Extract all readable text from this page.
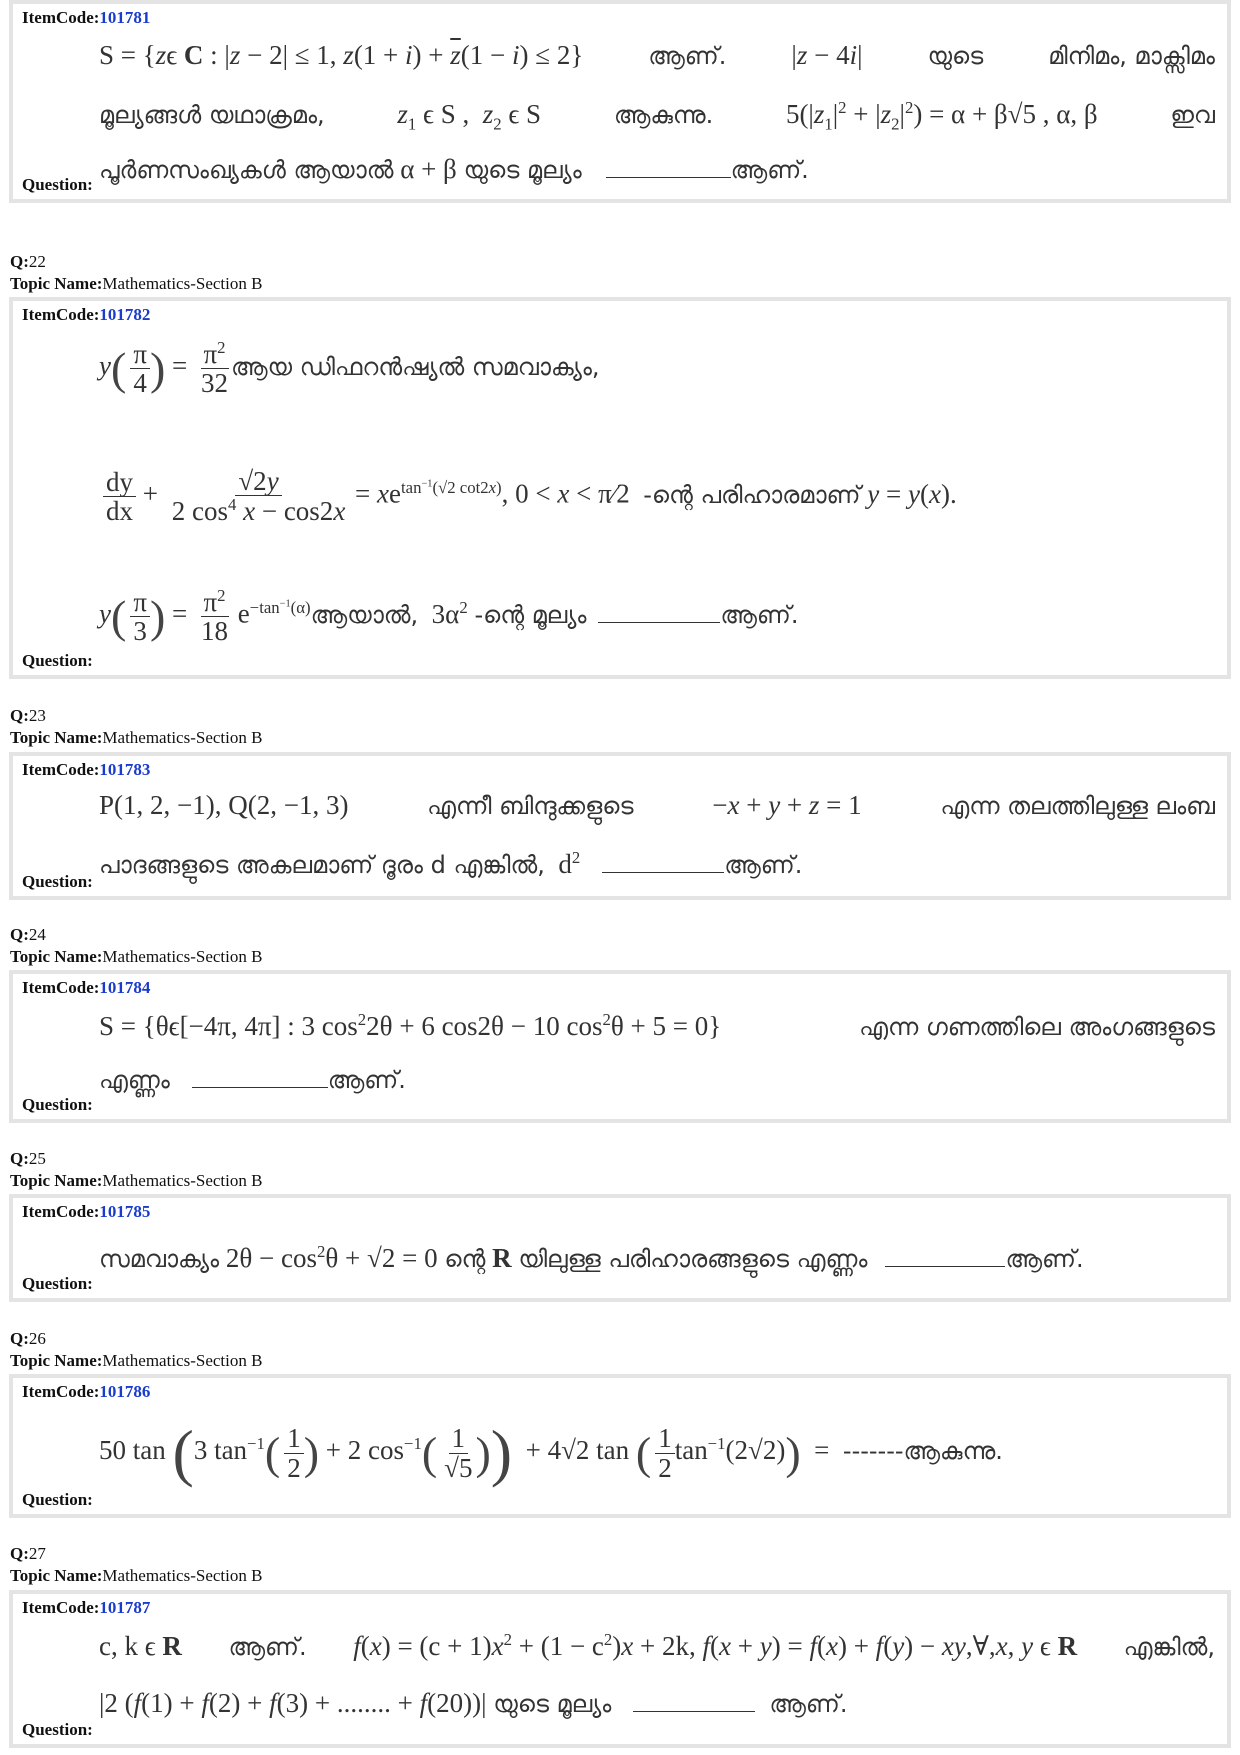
ItemCode:101781
S = {zϵ C : |z − 2| ≤ 1, $z(1 + i) + \overline{z}(1 - i) \le 2$}	ആണ്. |z − 4i|	യുടെ	മിനിമം, മാക്സിമം
മൂല്യങ്ങൾ യഥാക്രമം,	$z_1$ ϵ S ,  $z_2$ ϵ S	ആകുന്നു.	$5(|z_1|^2 + |z_2|^2) = \alpha + \beta√5$ , α, β	ഇവ
പൂർണസംഖ്യകൾ ആയാൽ α + β യുടെ മൂല്യം	ആണ്.
Question:
Q:22
Topic Name:Mathematics-Section B
ItemCode:101782
$y( \frac{\pi}{4}$ ) = $\frac{\pi^2}{32}$ ആയ ഡിഫറൻഷ്യൽ സമവാക്യം,
$\frac{dy}{dx} + \frac{√2y}{2 \cos^4 x - \cos 2x} = xe^{tan^{-1}(√2 cot2x)}$, 0 < x < π⁄2 -ന്റെ പരിഹാരമാണ് y = y(x).
$y( \frac{\pi}{3}$ ) = $\frac{\pi^2}{18} e^{-tan^{-1}(\alpha)}$ ആയാൽ, $3\alpha^2$ -ന്റെ മൂല്യം	ആണ്.
Question:
Q:23
Topic Name:Mathematics-Section B
ItemCode:101783
P(1, 2, −1), Q(2, −1, 3)	എന്നീ ബിന്ദുക്കളുടെ	−x + y + z = 1	എന്ന തലത്തിലുള്ള ലംബ
പാദങ്ങളുടെ അകലമാണ് ദൂരം d എങ്കിൽ, $d^2$	ആണ്.
Question:
Q:24
Topic Name:Mathematics-Section B
ItemCode:101784
S = {θϵ[−4π, 4π] : 3 $\cos^22\theta + 6$ cos2θ − 10 $\cos^2\theta + 5 = 0$}	എന്ന ഗണത്തിലെ അംഗങ്ങളുടെ
എണ്ണം	ആണ്.
Question:
Q:25
Topic Name:Mathematics-Section B
ItemCode:101785
സമവാക്യം $2\theta - \cos^2\theta + √2 = 0$ ന്റെ R യിലുള്ള പരിഹാരങ്ങളുടെ എണ്ണം	ആണ്.
Question:
Q:26
Topic Name:Mathematics-Section B
ItemCode:101786
50 tan (3 $\tan^{-1}( \frac{1}{2}$ ) + 2 $\cos^{-1}( \frac{1}{√5}$ ))  + 4√2 tan ( $\frac{1}{2} \tan^{-1}(2√2)$)  = -------ആകുന്നു.
Question:
Q:27
Topic Name:Mathematics-Section B
ItemCode:101787
c, k ϵ R ആണ്. $f(x) = (c + 1)x^2 + (1 - c^2)x + 2k$, f(x + y) = f(x) + f(y) − xy,∀,x, y ϵ R എങ്കിൽ,
|2 (f(1) + f(2) + f(3) + ........ + f(20))| യുടെ മൂല്യം	ആണ്.
Question:
